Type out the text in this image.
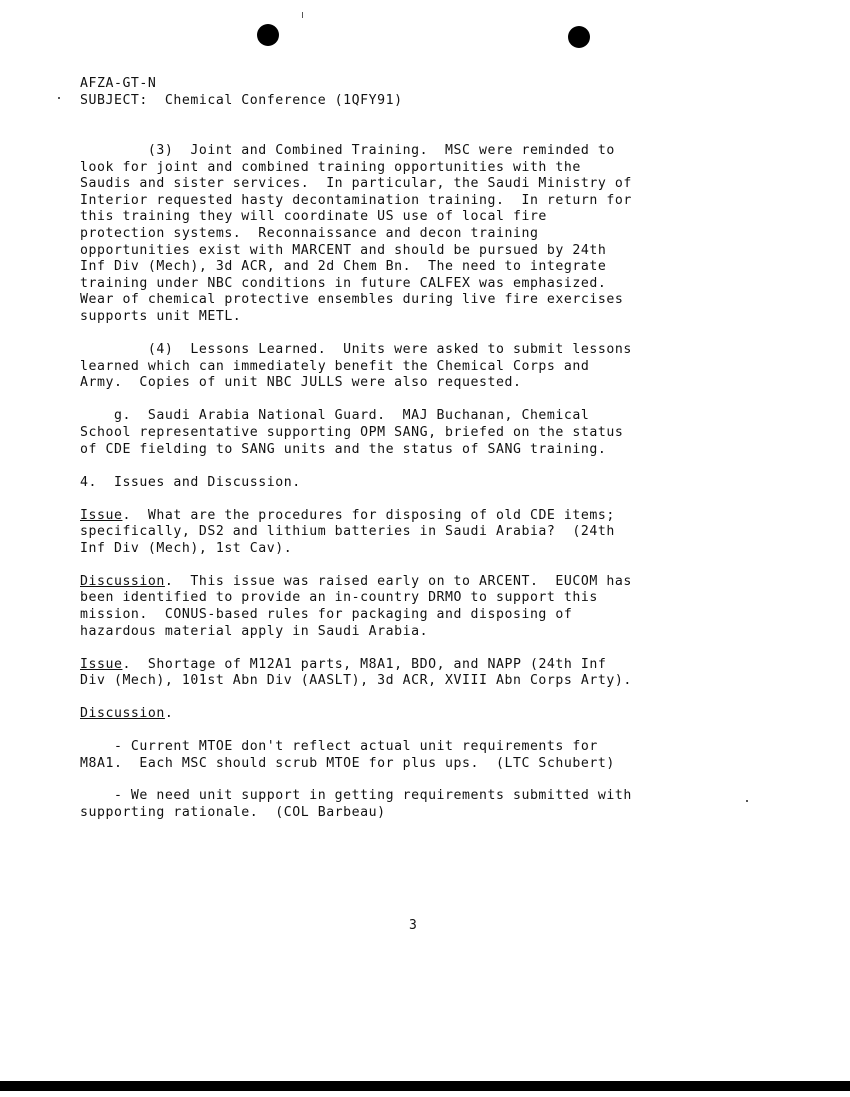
AFZA-GT-N

SUBJECT:  Chemical Conference (1QFY91)

(3)  Joint and Combined Training.  MSC were reminded to

look for joint and combined training opportunities with the

Saudis and sister services.  In particular, the Saudi Ministry of

Interior requested hasty decontamination training.  In return for

this training they will coordinate US use of local fire

protection systems.  Reconnaissance and decon training

opportunities exist with MARCENT and should be pursued by 24th

Inf Div (Mech), 3d ACR, and 2d Chem Bn.  The need to integrate

training under NBC conditions in future CALFEX was emphasized.

Wear of chemical protective ensembles during live fire exercises

supports unit METL.

(4)  Lessons Learned.  Units were asked to submit lessons

learned which can immediately benefit the Chemical Corps and

Army.  Copies of unit NBC JULLS were also requested.

g.  Saudi Arabia National Guard.  MAJ Buchanan, Chemical

School representative supporting OPM SANG, briefed on the status

of CDE fielding to SANG units and the status of SANG training.

4.  Issues and Discussion.

Issue.  What are the procedures for disposing of old CDE items;

specifically, DS2 and lithium batteries in Saudi Arabia?  (24th

Inf Div (Mech), 1st Cav).

Discussion.  This issue was raised early on to ARCENT.  EUCOM has

been identified to provide an in-country DRMO to support this

mission.  CONUS-based rules for packaging and disposing of

hazardous material apply in Saudi Arabia.

Issue.  Shortage of M12A1 parts, M8A1, BDO, and NAPP (24th Inf

Div (Mech), 101st Abn Div (AASLT), 3d ACR, XVIII Abn Corps Arty).

Discussion.

- Current MTOE don't reflect actual unit requirements for

M8A1.  Each MSC should scrub MTOE for plus ups.  (LTC Schubert)

- We need unit support in getting requirements submitted with

supporting rationale.  (COL Barbeau)

3
